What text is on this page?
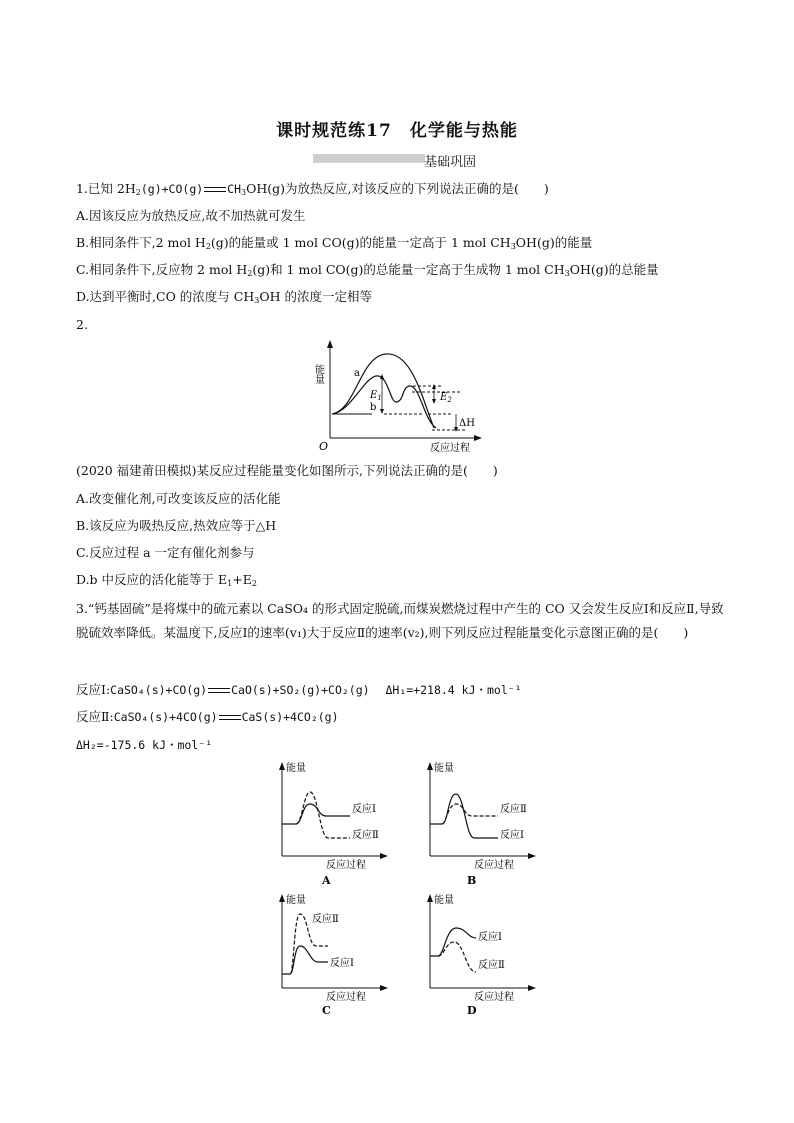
课时规范练17　化学能与热能
基础巩固
1.已知 $2H_2(g)+CO(g)$ $CH_3OH(g)$为放热反应,对该反应的下列说法正确的是(　　)
A.因该反应为放热反应,故不加热就可发生
B.相同条件下,2 mol $H_2(g)$的能量或 1 mol CO(g)的能量一定高于 1 mol $CH_3OH(g)$的能量
C.相同条件下,反应物 2 mol $H_2(g)$和 1 mol CO(g)的总能量一定高于生成物 1 mol $CH_3OH(g)$的总能量
D.达到平衡时,CO 的浓度与 $CH_3OH$ 的浓度一定相等
2.
能量
O	反应过程
a
b
$E_1$	$E_2$
ΔH
(2020 福建莆田模拟)某反应过程能量变化如图所示,下列说法正确的是(　　)
A.改变催化剂,可改变该反应的活化能
B.该反应为吸热反应,热效应等于△H
C.反应过程 a 一定有催化剂参与
D.b 中反应的活化能等于 $E_1+E_2$
3.“钙基固硫”是将煤中的硫元素以 CaSO₄ 的形式固定脱硫,而煤炭燃烧过程中产生的 CO 又会发生反应Ⅰ和反应Ⅱ,导致脱硫效率降低。某温度下,反应Ⅰ的速率(v₁)大于反应Ⅱ的速率(v₂),则下列反应过程能量变化示意图正确的是(　　)
反应Ⅰ:CaSO₄(s)+CO(g) CaO(s)+SO₂(g)+CO₂(g) ΔH₁=+218.4 kJ・mol⁻¹
反应Ⅱ:CaSO₄(s)+4CO(g) CaS(s)+4CO₂(g)
ΔH₂=-175.6 kJ・mol⁻¹
能量
反应过程
反应Ⅰ
反应Ⅱ
A
能量
反应过程
反应Ⅱ
反应Ⅰ
B
能量
反应过程
反应Ⅱ
反应Ⅰ
C
能量
反应过程
反应Ⅰ
反应Ⅱ
D
